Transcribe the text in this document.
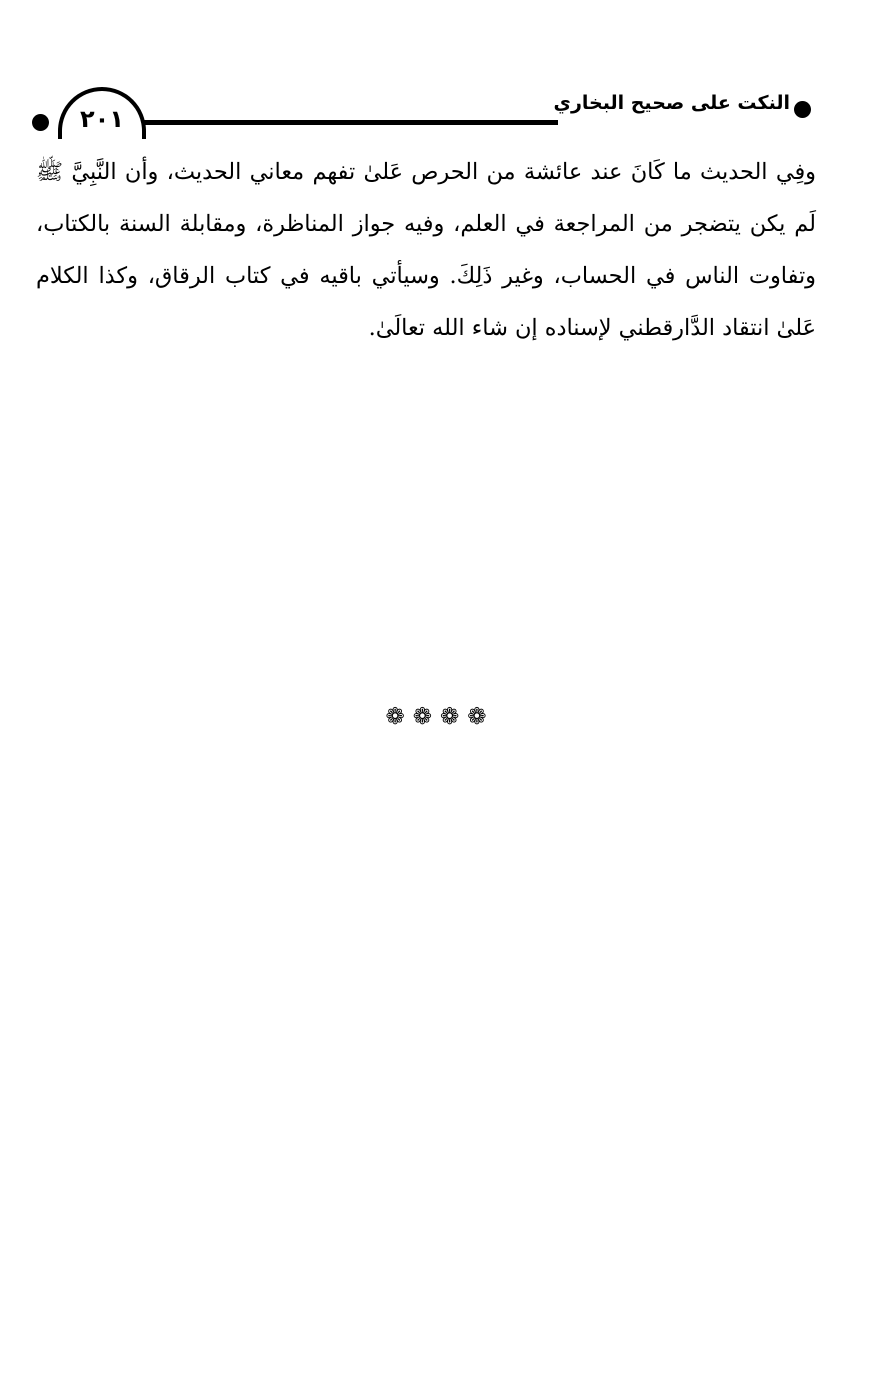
٢٠١
النكت على صحيح البخاري

وفِي الحديث ما كَانَ عند عائشة من الحرص عَلىٰ تفهم معاني الحديث، وأن النَّبِيَّ ﷺ لَم يكن يتضجر من المراجعة في العلم، وفيه جواز المناظرة، ومقابلة السنة بالكتاب، وتفاوت الناس في الحساب، وغير ذَلِكَ. وسيأتي باقيه في كتاب الرقاق، وكذا الكلام عَلىٰ انتقاد الدَّارقطني لإسناده إن شاء الله تعالَىٰ.

❁❁❁❁
